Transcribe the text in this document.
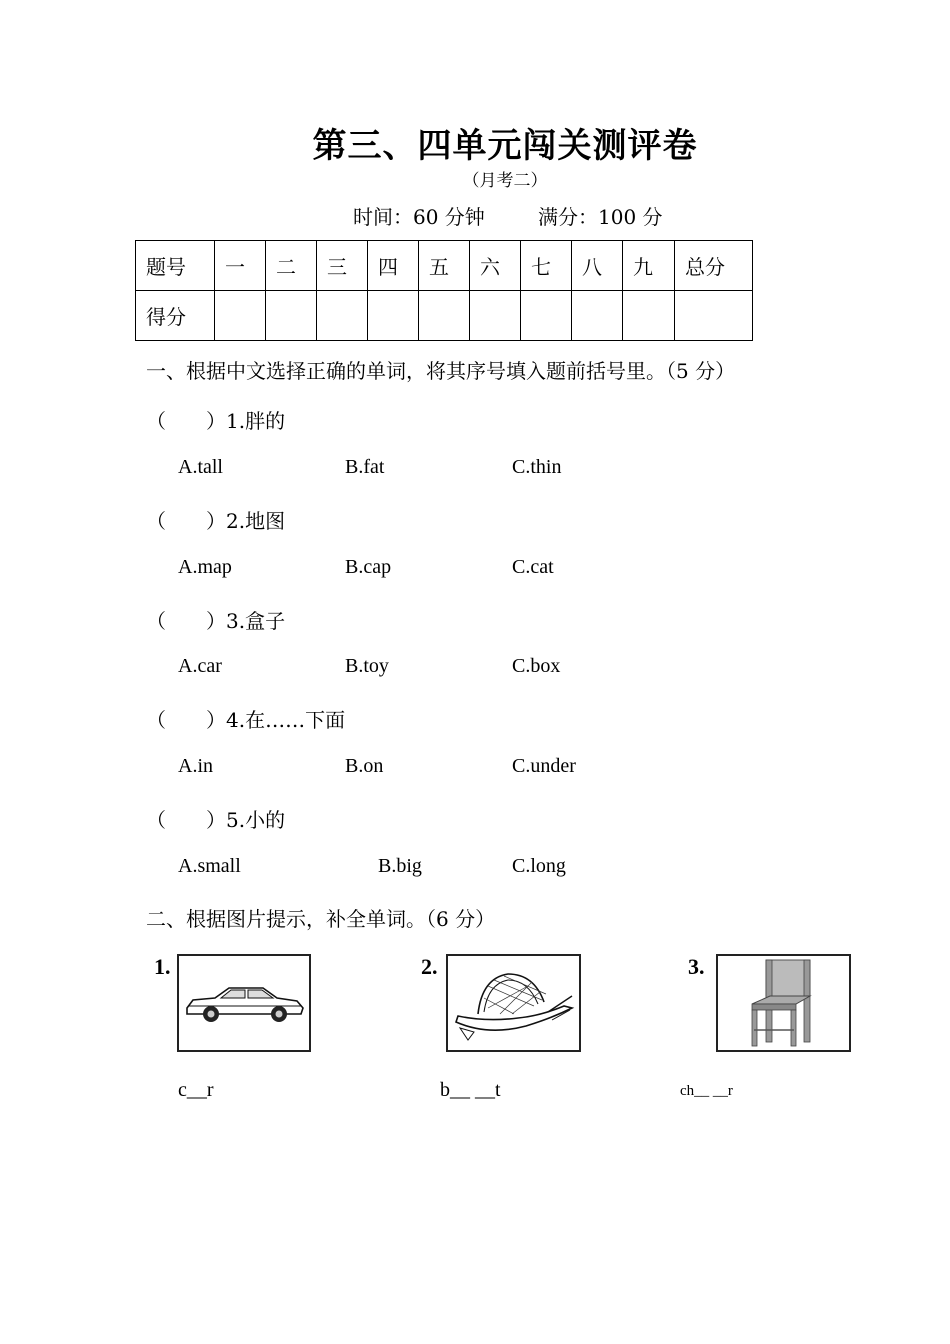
第三、四单元闯关测评卷
（月考二）
时间：60 分钟	满分：100 分
题号	一	二	三	四	五	六	七	八	九	总分
得分										
一、根据中文选择正确的单词，将其序号填入题前括号里。（5 分）
（　　）1.胖的
A.tall	B.fat	C.thin
（　　）2.地图
A.map	B.cap	C.cat
（　　）3.盒子
A.car	B.toy	C.box
（　　）4.在……下面
A.in	B.on	C.under
（　　）5.小的
A.small	B.big	C.long
二、根据图片提示，补全单词。（6 分）
1.
c__r
2.
b__ __t
3.
ch__ __r
